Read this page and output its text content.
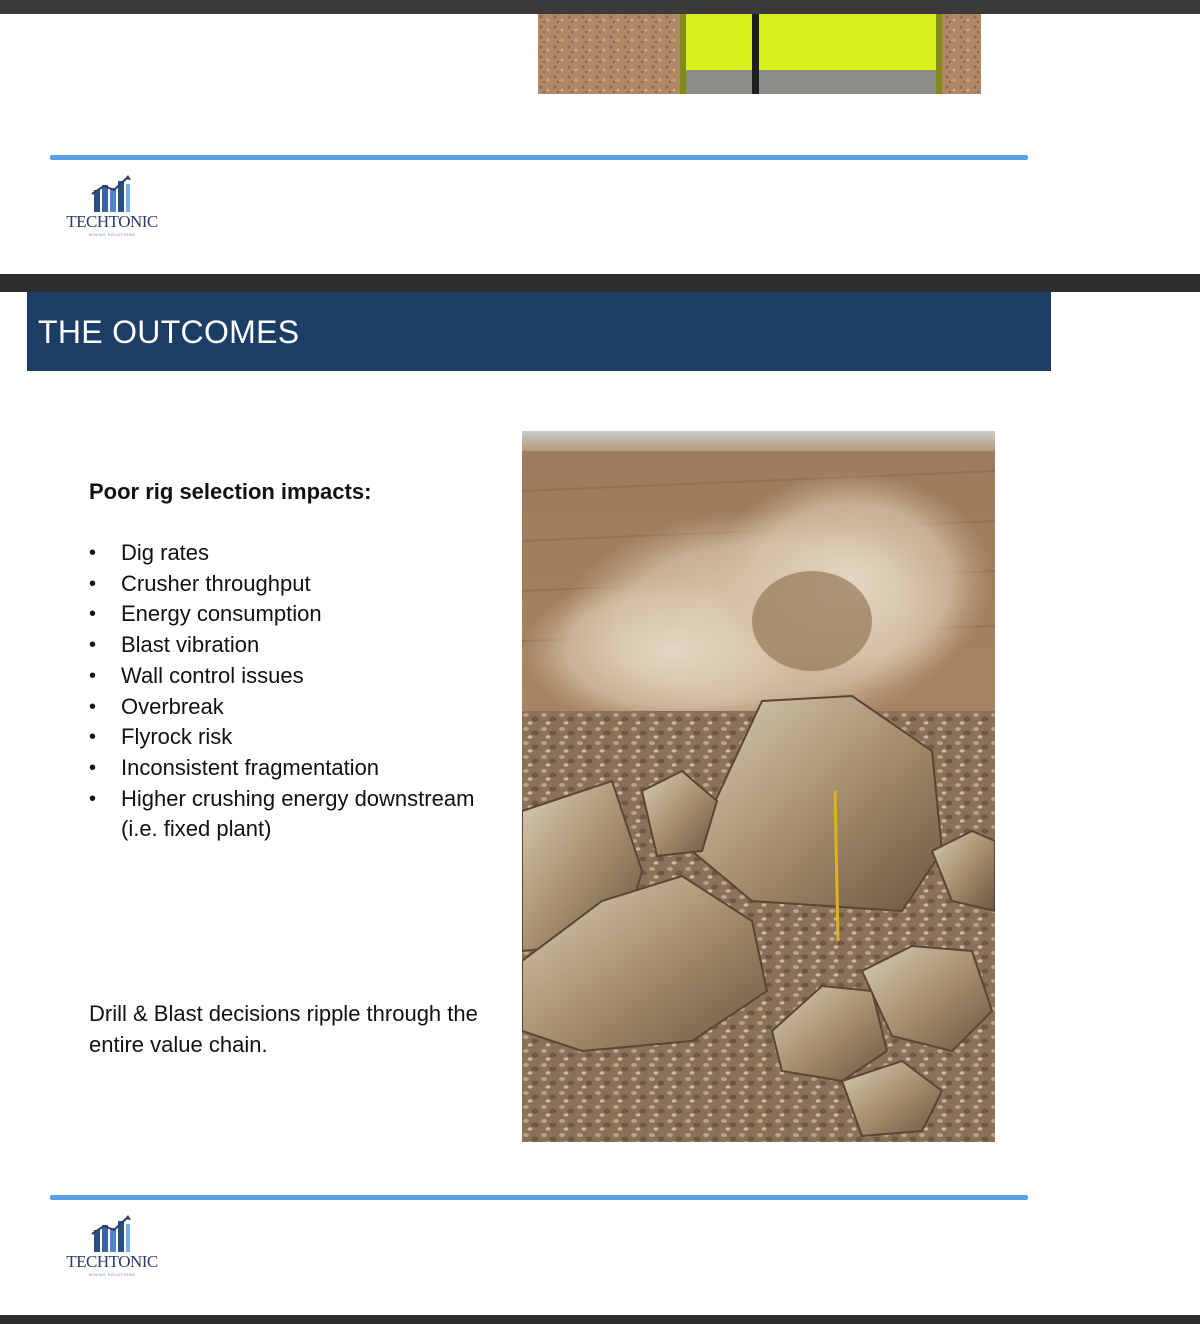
TECHTONIC
MINING SOLUTIONS
THE OUTCOMES
Poor rig selection impacts:
• Dig rates
• Crusher throughput
• Energy consumption
• Blast vibration
• Wall control issues
• Overbreak
• Flyrock risk
• Inconsistent fragmentation
• Higher crushing energy downstream (i.e. fixed plant)
Drill & Blast decisions ripple through the entire value chain.
TECHTONIC
MINING SOLUTIONS
